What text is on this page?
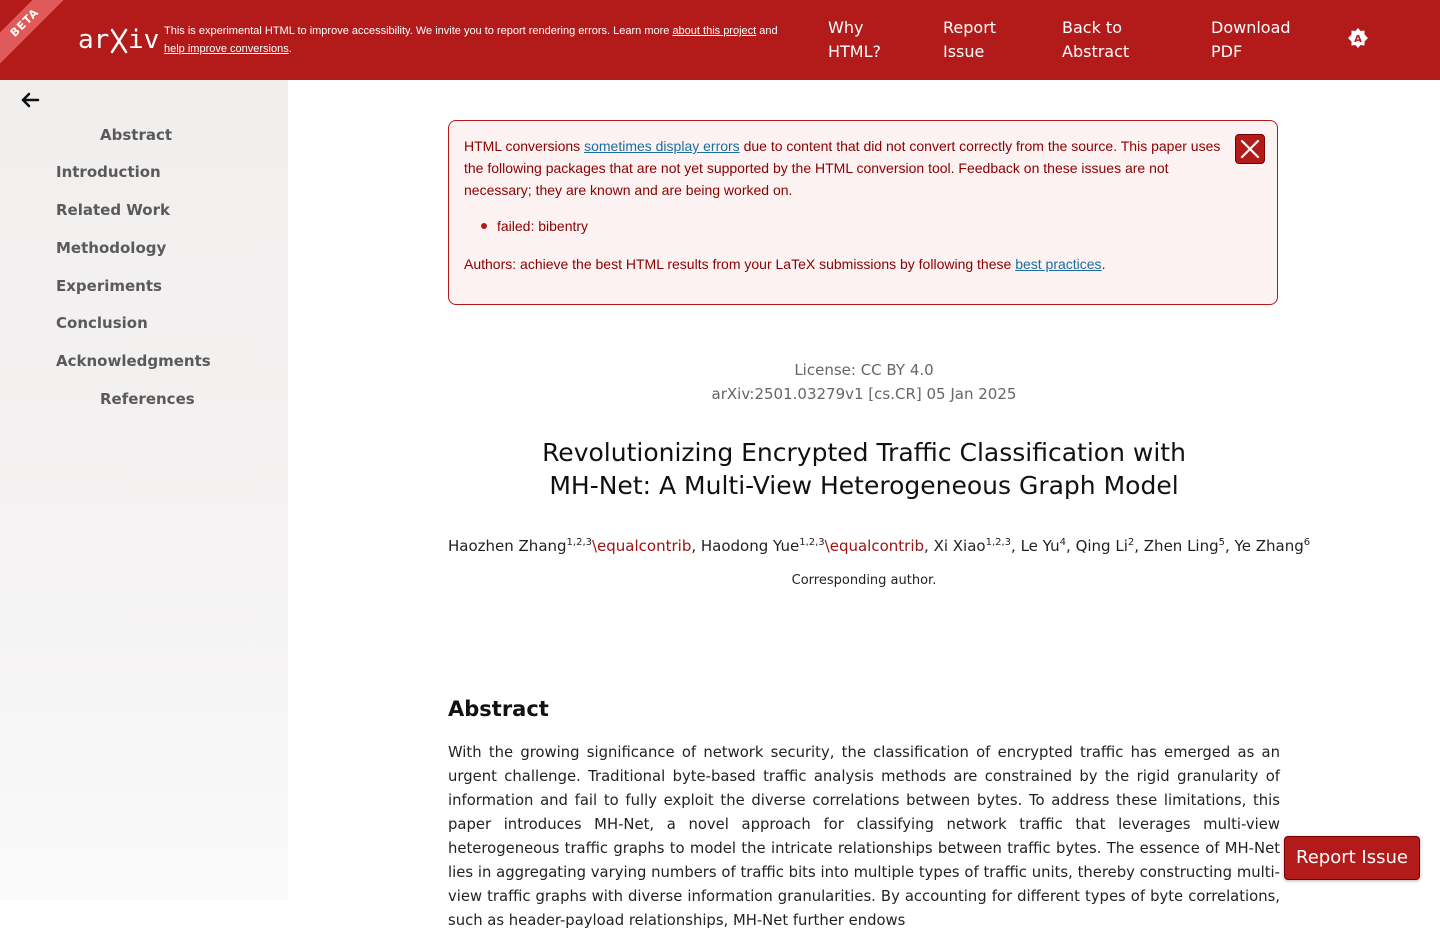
BETA
ar iv This is experimental HTML to improve accessibility. We invite you to report rendering errors. Learn more about this project and
help improve conversions.
Why
HTML?
Report
Issue
Back to
Abstract
Download
PDF
A
Abstract
Introduction
Related Work
Methodology
Experiments
Conclusion
Acknowledgments
References
HTML conversions sometimes display errors due to content that did not convert correctly from the source. This paper uses the following packages that are not yet supported by the HTML conversion tool. Feedback on these issues are not necessary; they are known and are being worked on.
failed: bibentry
Authors: achieve the best HTML results from your LaTeX submissions by following these best practices.
License: CC BY 4.0
arXiv:2501.03279v1 [cs.CR] 05 Jan 2025
Revolutionizing Encrypted Traffic Classification with
MH-Net: A Multi-View Heterogeneous Graph Model
Haozhen Zhang$^{1,2,3}$\equalcontrib, Haodong Yue$^{1,2,3}$\equalcontrib, Xi Xiao$^{1,2,3}$, Le Yu$^4$, Qing Li$^2$, Zhen Ling$^5$, Ye Zhang$^6$
Corresponding author.
Abstract
With the growing significance of network security, the classification of encrypted traffic has emerged as an urgent challenge. Traditional byte-based traffic analysis methods are constrained by the rigid granularity of information and fail to fully exploit the diverse correlations between bytes. To address these limitations, this paper introduces MH-Net, a novel approach for classifying network traffic that leverages multi-view heterogeneous traffic graphs to model the intricate relationships between traffic bytes. The essence of MH-Net lies in aggregating varying numbers of traffic bits into multiple types of traffic units, thereby constructing multi-view traffic graphs with diverse information granularities. By accounting for different types of byte correlations, such as header-payload relationships, MH-Net further endows
Report Issue
